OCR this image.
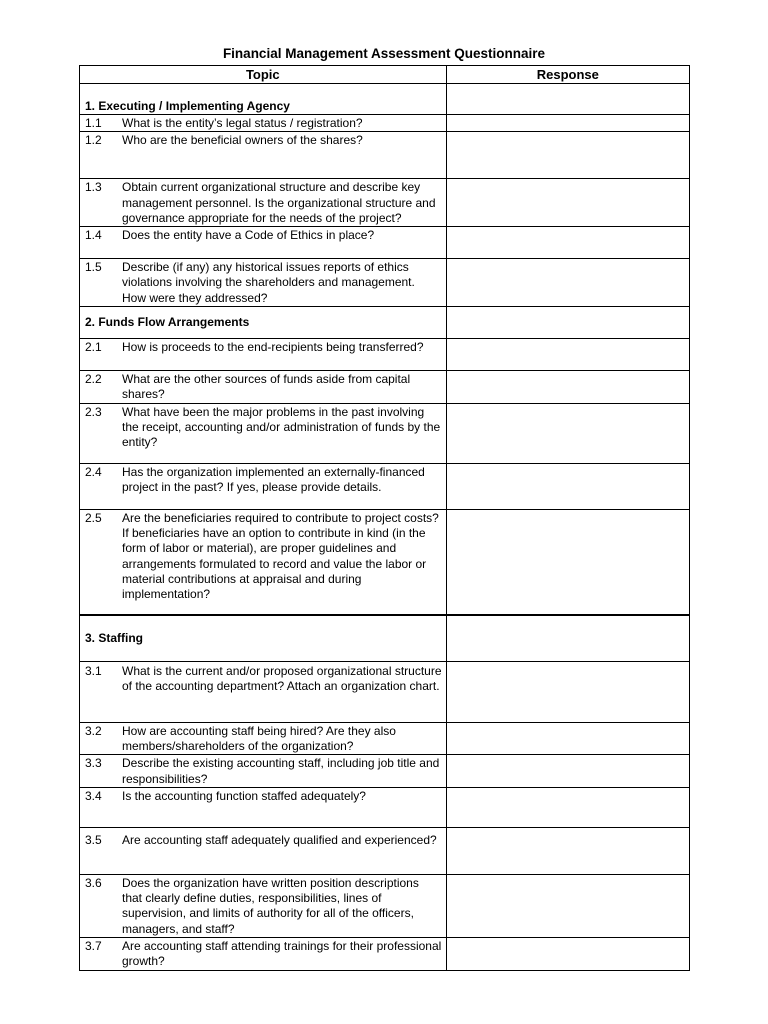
Financial Management Assessment Questionnaire
Topic	Response

1. Executing / Implementing Agency	

1.1 What is the entity’s legal status / registration?	

1.2 Who are the beneficial owners of the shares?	

1.3 Obtain current organizational structure and describe key management personnel. Is the organizational structure and governance appropriate for the needs of the project?	

1.4 Does the entity have a Code of Ethics in place?	

1.5 Describe (if any) any historical issues reports of ethics violations involving the shareholders and management. How were they addressed?	

2. Funds Flow Arrangements	

2.1 How is proceeds to the end-recipients being transferred?	

2.2 What are the other sources of funds aside from capital shares?	

2.3 What have been the major problems in the past involving the receipt, accounting and/or administration of funds by the entity?	

2.4 Has the organization implemented an externally-financed project in the past? If yes, please provide details.	

2.5 Are the beneficiaries required to contribute to project costs? If beneficiaries have an option to contribute in kind (in the form of labor or material), are proper guidelines and arrangements formulated to record and value the labor or material contributions at appraisal and during implementation?	

3. Staffing	

3.1 What is the current and/or proposed organizational structure of the accounting department? Attach an organization chart.	

3.2 How are accounting staff being hired? Are they also members/shareholders of the organization?	

3.3 Describe the existing accounting staff, including job title and responsibilities?	

3.4 Is the accounting function staffed adequately?	

3.5 Are accounting staff adequately qualified and experienced?	

3.6 Does the organization have written position descriptions that clearly define duties, responsibilities, lines of supervision, and limits of authority for all of the officers, managers, and staff?	

3.7 Are accounting staff attending trainings for their professional growth?	
